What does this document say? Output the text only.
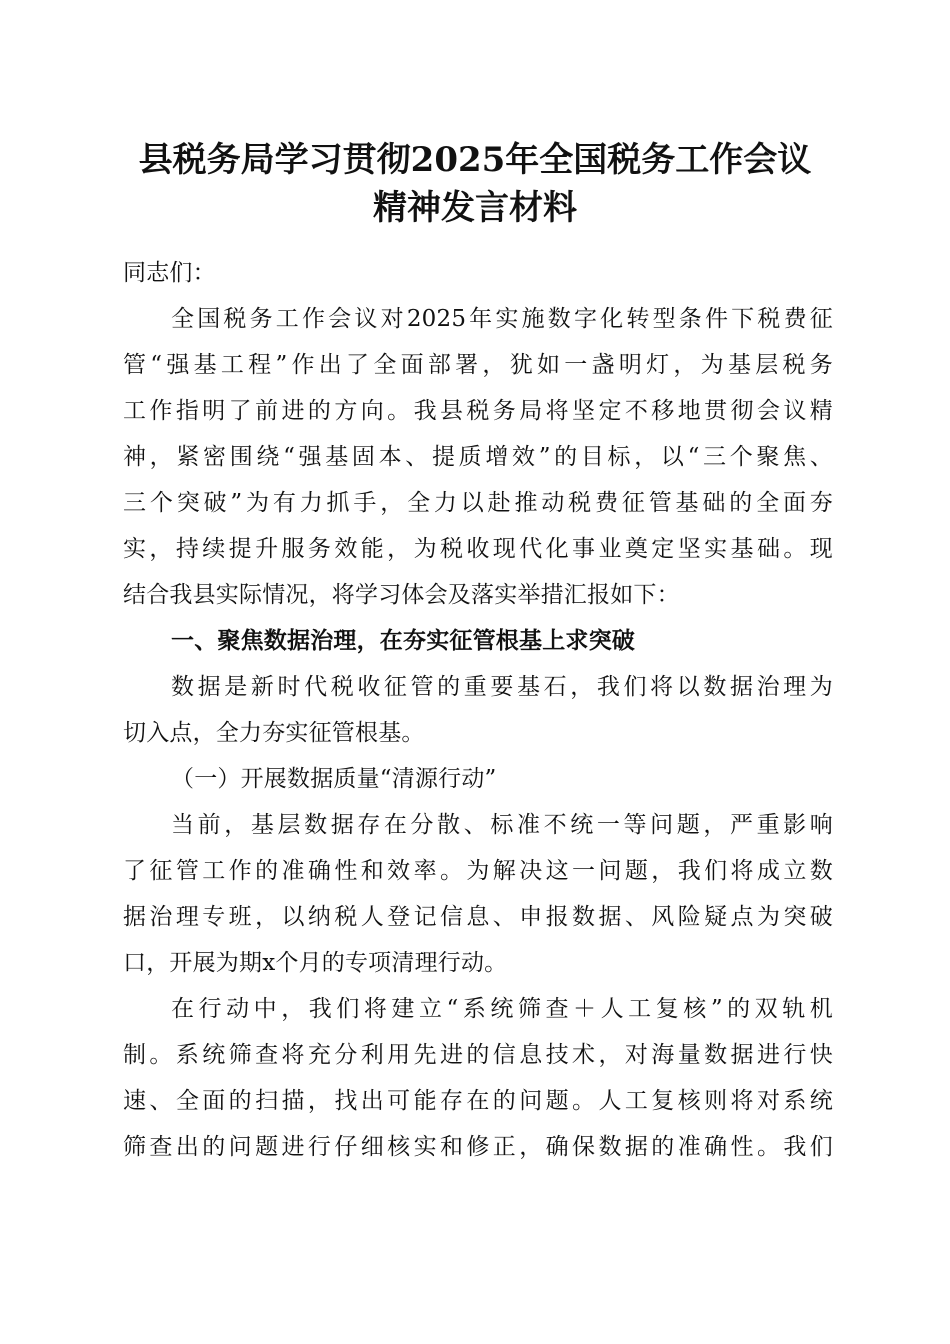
县税务局学习贯彻2025年全国税务工作会议
精神发言材料
同志们：
全国税务工作会议对2025年实施数字化转型条件下税费征
管“强基工程”作出了全面部署，犹如一盏明灯，为基层税务
工作指明了前进的方向。我县税务局将坚定不移地贯彻会议精
神，紧密围绕“强基固本、提质增效”的目标，以“三个聚焦、
三个突破”为有力抓手，全力以赴推动税费征管基础的全面夯
实，持续提升服务效能，为税收现代化事业奠定坚实基础。现
结合我县实际情况，将学习体会及落实举措汇报如下：
一、聚焦数据治理，在夯实征管根基上求突破
数据是新时代税收征管的重要基石，我们将以数据治理为
切入点，全力夯实征管根基。
（一）开展数据质量“清源行动”
当前，基层数据存在分散、标准不统一等问题，严重影响
了征管工作的准确性和效率。为解决这一问题，我们将成立数
据治理专班，以纳税人登记信息、申报数据、风险疑点为突破
口，开展为期x个月的专项清理行动。
在行动中，我们将建立“系统筛查＋人工复核”的双轨机
制。系统筛查将充分利用先进的信息技术，对海量数据进行快
速、全面的扫描，找出可能存在的问题。人工复核则将对系统
筛查出的问题进行仔细核实和修正，确保数据的准确性。我们
